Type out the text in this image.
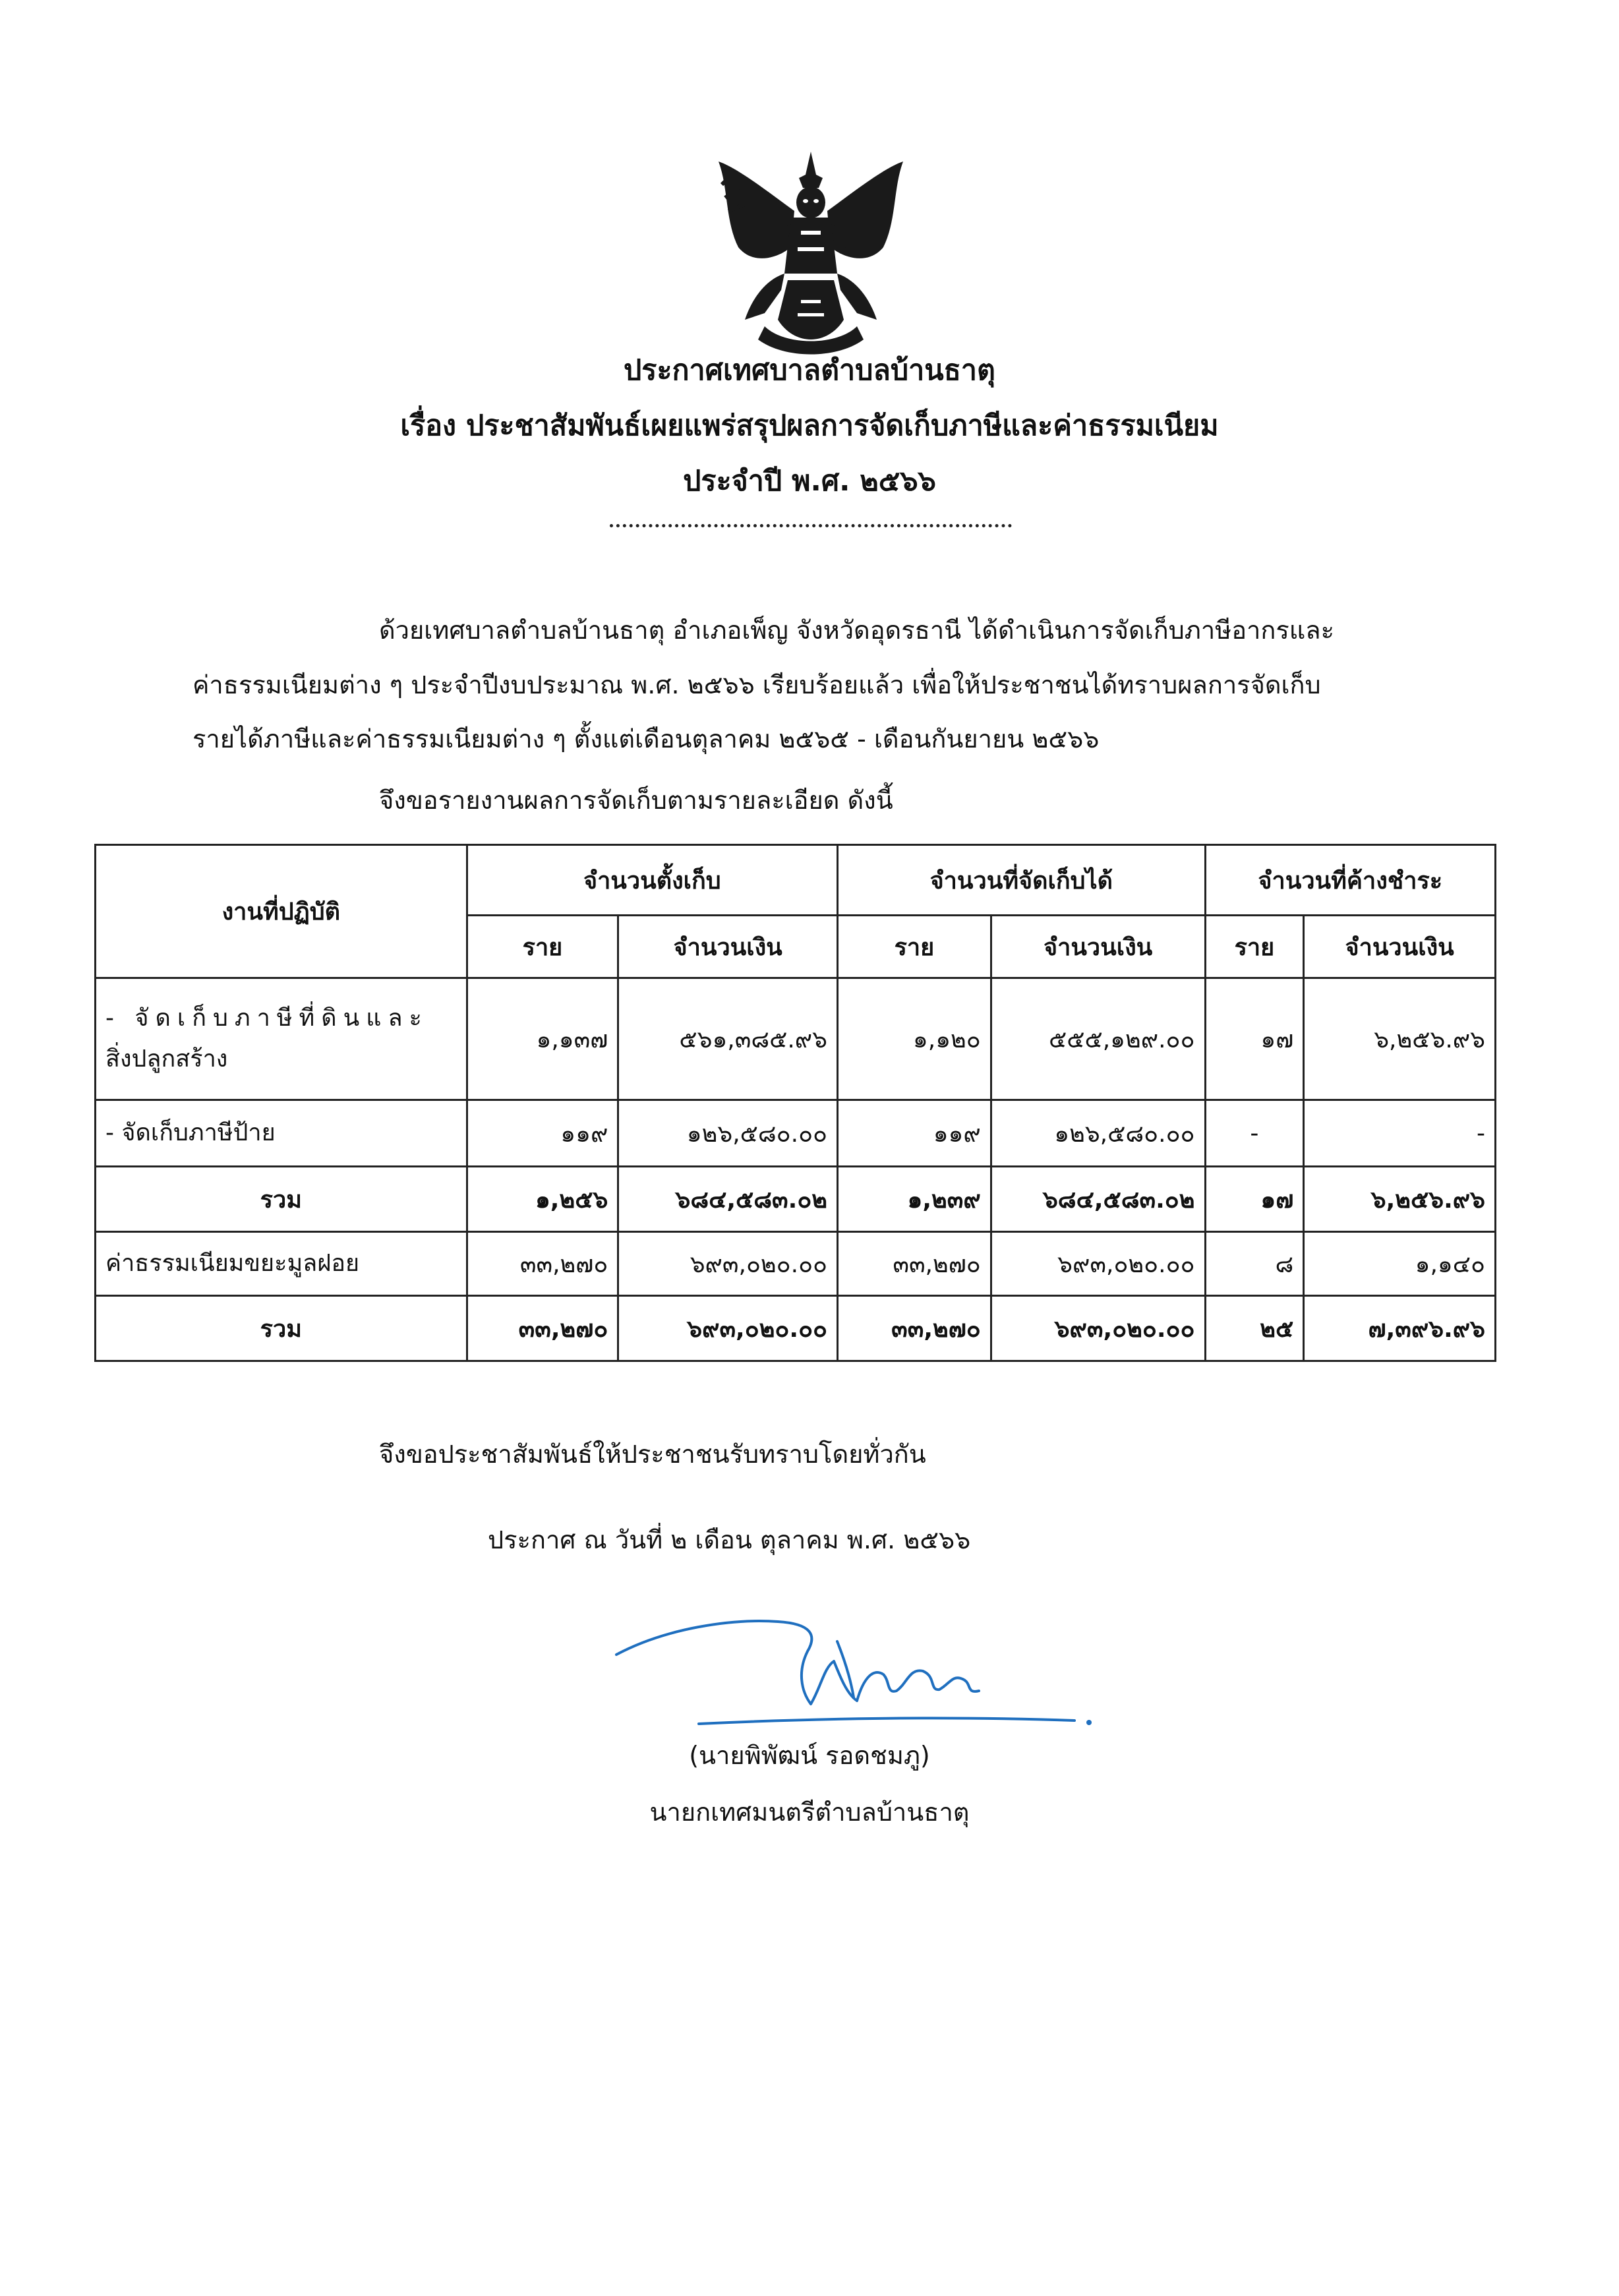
ประกาศเทศบาลตำบลบ้านธาตุ
เรื่อง ประชาสัมพันธ์เผยแพร่สรุปผลการจัดเก็บภาษีและค่าธรรมเนียม
ประจำปี พ.ศ. ๒๕๖๖
ด้วยเทศบาลตำบลบ้านธาตุ อำเภอเพ็ญ จังหวัดอุดรธานี ได้ดำเนินการจัดเก็บภาษีอากรและ
ค่าธรรมเนียมต่าง ๆ ประจำปีงบประมาณ พ.ศ. ๒๕๖๖ เรียบร้อยแล้ว เพื่อให้ประชาชนได้ทราบผลการจัดเก็บ
รายได้ภาษีและค่าธรรมเนียมต่าง ๆ ตั้งแต่เดือนตุลาคม ๒๕๖๕ - เดือนกันยายน ๒๕๖๖
จึงขอรายงานผลการจัดเก็บตามรายละเอียด ดังนี้
งานที่ปฏิบัติ	จำนวนตั้งเก็บ		จำนวนที่จัดเก็บได้		จำนวนที่ค้างชำระ	
	ราย	จำนวนเงิน	ราย	จำนวนเงิน	ราย	จำนวนเงิน
- จัดเก็บภาษีที่ดินและ
สิ่งปลูกสร้าง	๑,๑๓๗	๕๖๑,๓๘๕.๙๖	๑,๑๒๐	๕๕๕,๑๒๙.๐๐	๑๗	๖,๒๕๖.๙๖
- จัดเก็บภาษีป้าย	๑๑๙	๑๒๖,๕๘๐.๐๐	๑๑๙	๑๒๖,๕๘๐.๐๐	-	-
รวม	๑,๒๕๖	๖๘๔,๕๘๓.๐๒	๑,๒๓๙	๖๘๔,๕๘๓.๐๒	๑๗	๖,๒๕๖.๙๖
ค่าธรรมเนียมขยะมูลฝอย	๓๓,๒๗๐	๖๙๓,๐๒๐.๐๐	๓๓,๒๗๐	๖๙๓,๐๒๐.๐๐	๘	๑,๑๔๐
รวม	๓๓,๒๗๐	๖๙๓,๐๒๐.๐๐	๓๓,๒๗๐	๖๙๓,๐๒๐.๐๐	๒๕	๗,๓๙๖.๙๖
จึงขอประชาสัมพันธ์ให้ประชาชนรับทราบโดยทั่วกัน
ประกาศ ณ วันที่ ๒ เดือน ตุลาคม พ.ศ. ๒๕๖๖
(นายพิพัฒน์ รอดชมภู)
นายกเทศมนตรีตำบลบ้านธาตุ
